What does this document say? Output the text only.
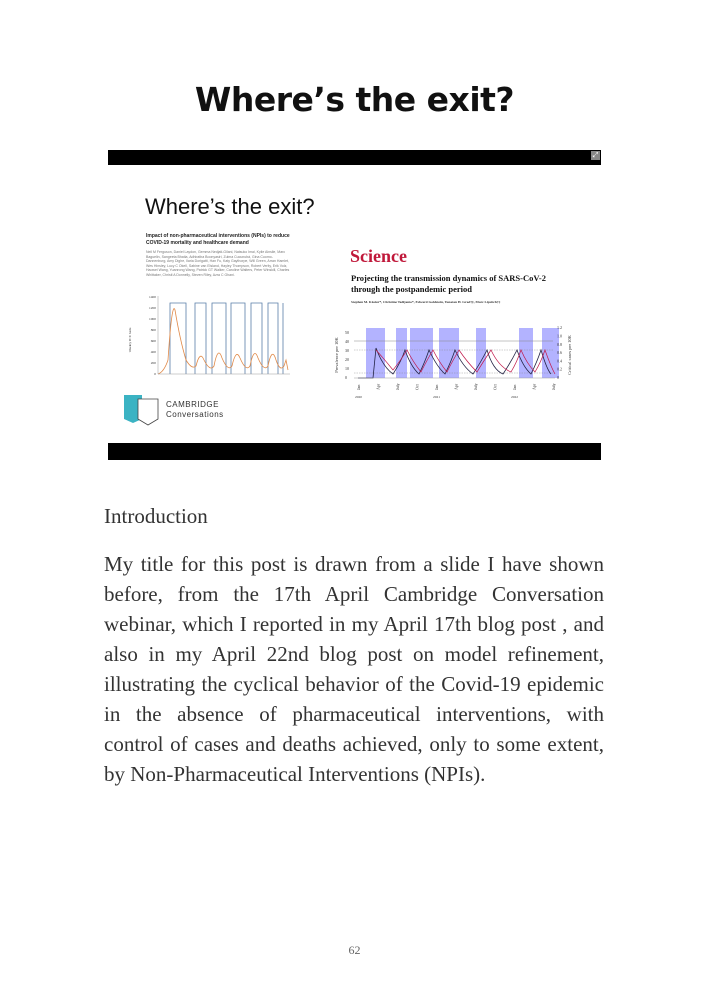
Where’s the exit?
⤢
Where’s the exit?
Impact of non-pharmaceutical interventions (NPIs) to reduce COVID-19 mortality and healthcare demand
Neil M Ferguson, Daniel Laydon, Gemma Nedjati-Gilani, Natsuko Imai, Kylie Ainslie, Marc Baguelin, Sangeeta Bhatia, Adhiratha Boonyasiri, Zulma Cucunubá, Gina Cuomo-Dannenburg, Amy Dighe, Ilaria Dorigatti, Han Fu, Katy Gaythorpe, Will Green, Arran Hamlet, Wes Hinsley, Lucy C Okell, Sabine van Elsland, Hayley Thompson, Robert Verity, Erik Volz, Haowei Wang, Yuanrong Wang, Patrick GT Walker, Caroline Walters, Peter Winskill, Charles Whittaker, Christl A Donnelly, Steven Riley, Azra C Ghani.
Weekly ICU beds
0
200
400
600
800
1000
1200
1400
Science
Projecting the transmission dynamics of SARS-CoV-2 through the postpandemic period
Stephen M. Kissler*, Christine Tedijanto*, Edward Goldstein, Yonatan H. Grad†‡, Marc Lipsitch†‡
Prevalence per 10K	Critical cases per 10K
Jan	Apr	July	Oct	Jan	Apr	July	Oct	Jan	Apr	July
0
10
20
30
40
50
0
0.2
0.4
0.6
0.8
1.0
1.2
2020	2021	2022
CAMBRIDGE
Conversations
Introduction
My title for this post is drawn from a slide I have shown before, from the 17th April Cambridge Conversation webinar, which I reported in my April 17th blog post , and also in my April 22nd blog post on model refinement, illustrating the cyclical behavior of the Covid-19 epidemic in the absence of pharmaceutical interventions, with control of cases and deaths achieved, only to some extent, by Non-Pharmaceutical Interventions (NPIs).
62
